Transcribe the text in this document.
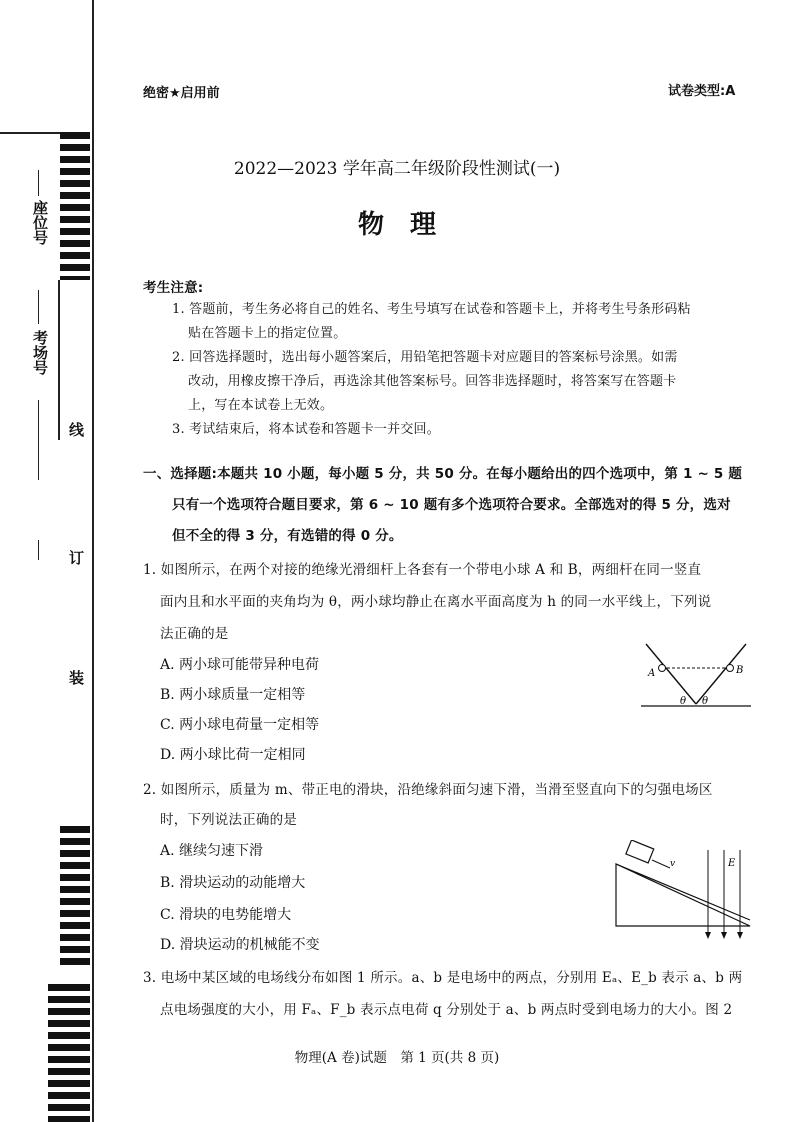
座位号
考场号
线
订
装
绝密★启用前	试卷类型:A
2022—2023 学年高二年级阶段性测试(一)
物　理
考生注意:
1. 答题前，考生务必将自己的姓名、考生号填写在试卷和答题卡上，并将考生号条形码粘
贴在答题卡上的指定位置。
2. 回答选择题时，选出每小题答案后，用铅笔把答题卡对应题目的答案标号涂黑。如需
改动，用橡皮擦干净后，再选涂其他答案标号。回答非选择题时，将答案写在答题卡
上，写在本试卷上无效。
3. 考试结束后，将本试卷和答题卡一并交回。
一、选择题:本题共 10 小题，每小题 5 分，共 50 分。在每小题给出的四个选项中，第 1 ~ 5 题
只有一个选项符合题目要求，第 6 ~ 10 题有多个选项符合要求。全部选对的得 5 分，选对
但不全的得 3 分，有选错的得 0 分。
1. 如图所示，在两个对接的绝缘光滑细杆上各套有一个带电小球 A 和 B，两细杆在同一竖直
面内且和水平面的夹角均为 θ，两小球均静止在离水平面高度为 h 的同一水平线上，下列说
法正确的是
A. 两小球可能带异种电荷
B. 两小球质量一定相等
C. 两小球电荷量一定相等
D. 两小球比荷一定相同
A	B
θ θ
2. 如图所示，质量为 m、带正电的滑块，沿绝缘斜面匀速下滑，当滑至竖直向下的匀强电场区
时，下列说法正确的是
A. 继续匀速下滑
B. 滑块运动的动能增大
C. 滑块的电势能增大
D. 滑块运动的机械能不变
v	E
3. 电场中某区域的电场线分布如图 1 所示。a、b 是电场中的两点，分别用 Eₐ、E_b 表示 a、b 两
点电场强度的大小，用 Fₐ、F_b 表示点电荷 q 分别处于 a、b 两点时受到电场力的大小。图 2
物理(A 卷)试题　第 1 页(共 8 页)
